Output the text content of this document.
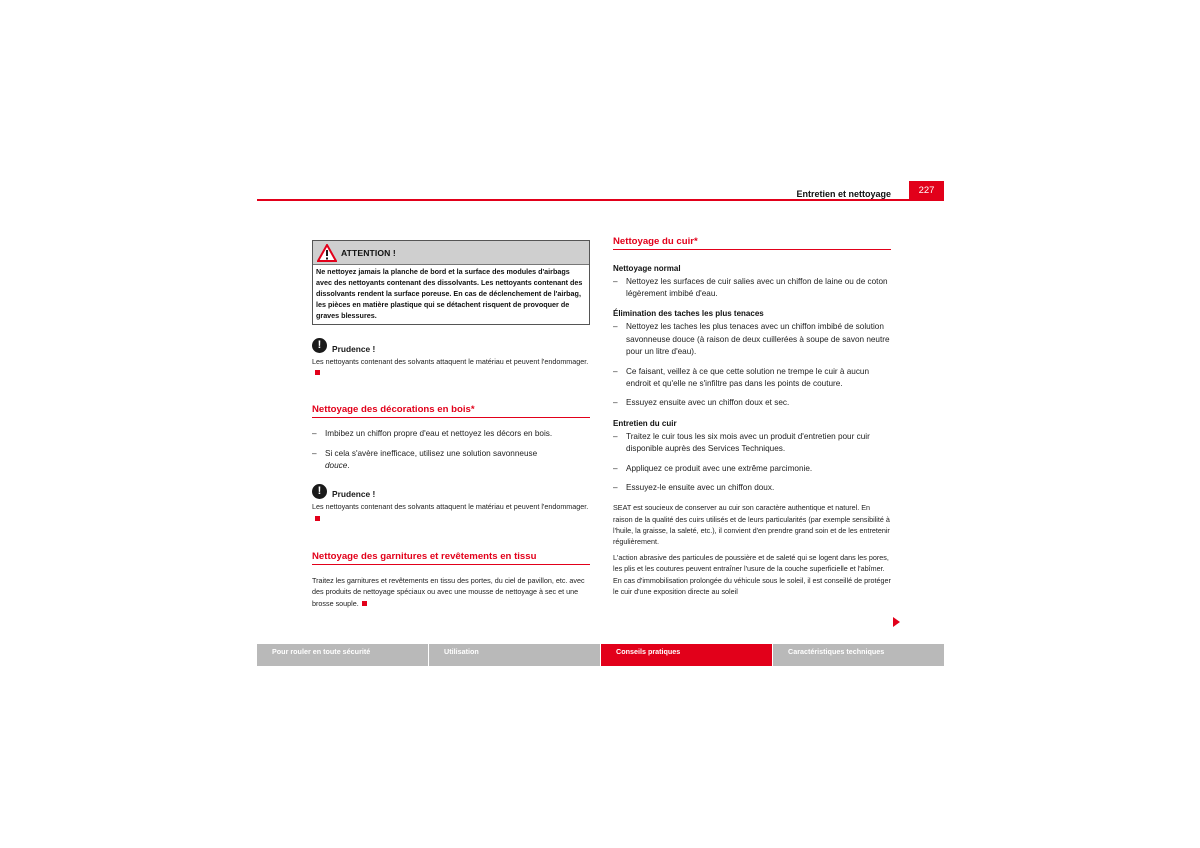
Entretien et nettoyage	227
ATTENTION !
Ne nettoyez jamais la planche de bord et la surface des modules d'airbags avec des nettoyants contenant des dissolvants. Les nettoyants contenant des dissolvants rendent la surface poreuse. En cas de déclenchement de l'airbag, les pièces en matière plastique qui se détachent risquent de provoquer de graves blessures.
!	Prudence !

Les nettoyants contenant des solvants attaquent le matériau et peuvent l'endommager.

Nettoyage des décorations en bois*
– Imbibez un chiffon propre d'eau et nettoyez les décors en bois.
– Si cela s'avère inefficace, utilisez une solution savonneuse
douce.
!	Prudence !

Les nettoyants contenant des solvants attaquent le matériau et peuvent l'endommager.

Nettoyage des garnitures et revêtements en tissu

Traitez les garnitures et revêtements en tissu des portes, du ciel de pavillon, etc. avec des produits de nettoyage spéciaux ou avec une mousse de nettoyage à sec et une brosse souple.

Nettoyage du cuir*
Nettoyage normal
– Nettoyez les surfaces de cuir salies avec un chiffon de laine ou de coton légèrement imbibé d'eau.
Élimination des taches les plus tenaces
– Nettoyez les taches les plus tenaces avec un chiffon imbibé de solution savonneuse douce (à raison de deux cuillerées à soupe de savon neutre pour un litre d'eau).
– Ce faisant, veillez à ce que cette solution ne trempe le cuir à aucun endroit et qu'elle ne s'infiltre pas dans les points de couture.
– Essuyez ensuite avec un chiffon doux et sec.
Entretien du cuir
– Traitez le cuir tous les six mois avec un produit d'entretien pour cuir disponible auprès des Services Techniques.
– Appliquez ce produit avec une extrême parcimonie.
– Essuyez-le ensuite avec un chiffon doux.

SEAT est soucieux de conserver au cuir son caractère authentique et naturel. En raison de la qualité des cuirs utilisés et de leurs particularités (par exemple sensibilité à l'huile, la graisse, la saleté, etc.), il convient d'en prendre grand soin et de les entretenir régulièrement.

L'action abrasive des particules de poussière et de saleté qui se logent dans les pores, les plis et les coutures peuvent entraîner l'usure de la couche superficielle et l'abîmer. En cas d'immobilisation prolongée du véhicule sous le soleil, il est conseillé de protéger le cuir d'une exposition directe au soleil

Pour rouler en toute sécurité	Utilisation	Conseils pratiques	Caractéristiques techniques
